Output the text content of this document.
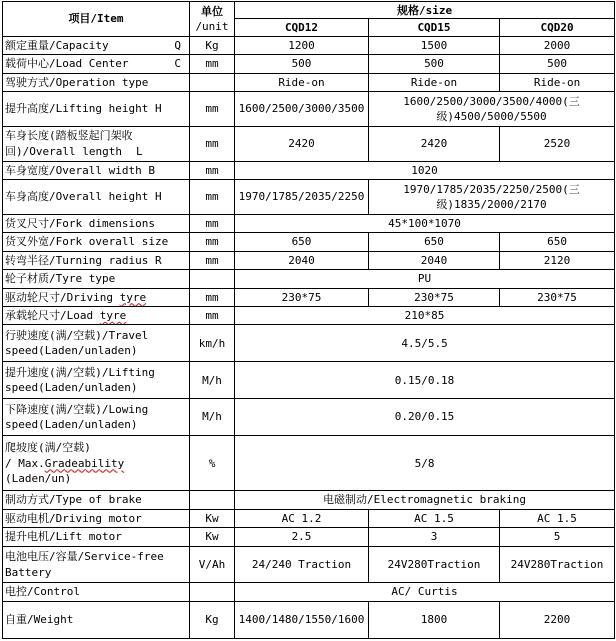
项目/Item	单位
/unit	规格/size		
		CQD12	CQD15	CQD20

额定重量/Capacity Q	Kg	1200	1500	2000

载荷中心/Load Center C	mm	500	500	500
驾驶方式/Operation type		Ride-on	Ride-on	Ride-on
提升高度/Lifting height H	mm	1600/2500/3000/3500	1600/2500/3000/3500/4000(三级)4500/5000/5500	
车身长度(踏板竖起门架收回)/Overall length L	mm	2420	2420	2520
车身宽度/Overall width B	mm	1020		
车身高度/Overall height H	mm	1970/1785/2035/2250	1970/1785/2035/2250/2500(三级)1835/2000/2170	
货叉尺寸/Fork dimensions	mm	45*100*1070		
货叉外宽/Fork overall size	mm	650	650	650
转弯半径/Turning radius R	mm	2040	2040	2120
轮子材质/Tyre type		PU		
驱动轮尺寸/Driving tyre	mm	230*75	230*75	230*75
承载轮尺寸/Load tyre	mm	210*85		
行驶速度(满/空载)/Travel speed(Laden/unladen)	km/h	4.5/5.5		
提升速度(满/空载)/Lifting speed(Laden/unladen)	M/h	0.15/0.18		
下降速度(满/空载)/Lowing speed(Laden/unladen)	M/h	0.20/0.15		

爬坡度(满/空载)
/ Max.Gradeability
(Laden/un)	%	5/8		
制动方式/Type of brake		电磁制动/Electromagnetic braking		
驱动电机/Driving motor	Kw	AC 1.2	AC 1.5	AC 1.5
提升电机/Lift motor	Kw	2.5	3	5
电池电压/容量/Service-free Battery	V/Ah	24/240 Traction	24V280Traction	24V280Traction
电控/Control		AC/ Curtis		
自重/Weight	Kg	1400/1480/1550/1600	1800	2200
